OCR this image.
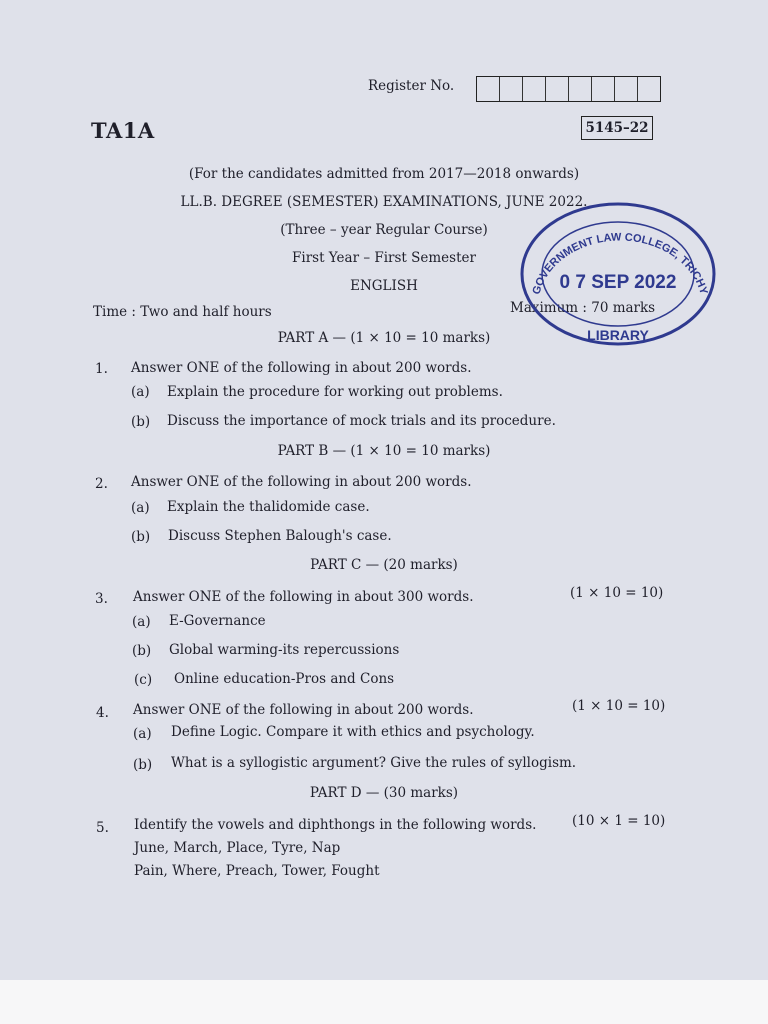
Register No.
TA1A	5145–22
(For the candidates admitted from 2017—2018 onwards)
LL.B. DEGREE (SEMESTER) EXAMINATIONS, JUNE 2022.
(Three – year Regular Course)
First Year – First Semester
ENGLISH
Time : Two and half hours	Maximum : 70 marks
GOVERNMENT LAW COLLEGE, TRICHY
0 7 SEP 2022
LIBRARY
PART A — (1 × 10 = 10 marks)
1. Answer ONE of the following in about 200 words.
(a) Explain the procedure for working out problems.
(b) Discuss the importance of mock trials and its procedure.
PART B — (1 × 10 = 10 marks)
2. Answer ONE of the following in about 200 words.
(a) Explain the thalidomide case.
(b) Discuss Stephen Balough's case.
PART C — (20 marks)
3. Answer ONE of the following in about 300 words.	(1 × 10 = 10)
(a) E-Governance
(b) Global warming-its repercussions
(c) Online education-Pros and Cons
4. Answer ONE of the following in about 200 words.	(1 × 10 = 10)
(a) Define Logic. Compare it with ethics and psychology.
(b) What is a syllogistic argument? Give the rules of syllogism.
PART D — (30 marks)
5. Identify the vowels and diphthongs in the following words.	(10 × 1 = 10)
June, March, Place, Tyre, Nap
Pain, Where, Preach, Tower, Fought
